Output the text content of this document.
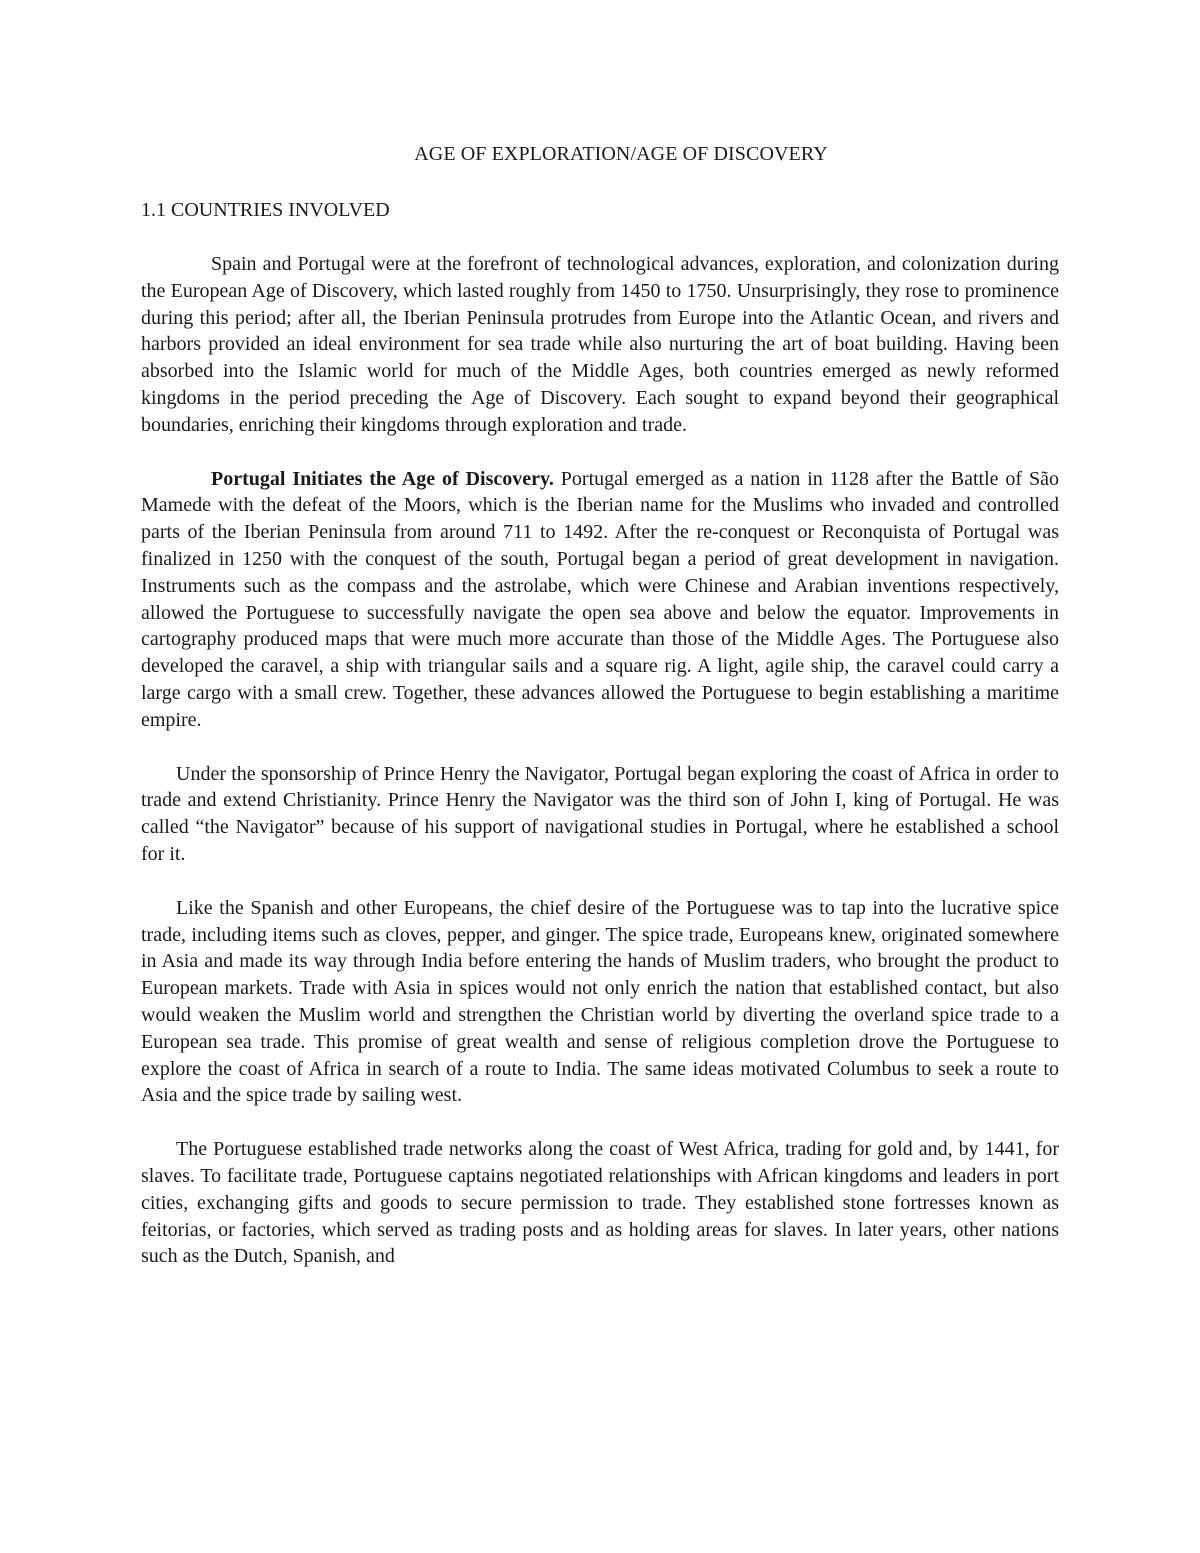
AGE OF EXPLORATION/AGE OF DISCOVERY
1.1 COUNTRIES INVOLVED

Spain and Portugal were at the forefront of technological advances, exploration, and colonization during the European Age of Discovery, which lasted roughly from 1450 to 1750. Unsurprisingly, they rose to prominence during this period; after all, the Iberian Peninsula protrudes from Europe into the Atlantic Ocean, and rivers and harbors provided an ideal environment for sea trade while also nurturing the art of boat building. Having been absorbed into the Islamic world for much of the Middle Ages, both countries emerged as newly reformed kingdoms in the period preceding the Age of Discovery. Each sought to expand beyond their geographical boundaries, enriching their kingdoms through exploration and trade.

Portugal Initiates the Age of Discovery. Portugal emerged as a nation in 1128 after the Battle of São Mamede with the defeat of the Moors, which is the Iberian name for the Muslims who invaded and controlled parts of the Iberian Peninsula from around 711 to 1492. After the re-conquest or Reconquista of Portugal was finalized in 1250 with the conquest of the south, Portugal began a period of great development in navigation. Instruments such as the compass and the astrolabe, which were Chinese and Arabian inventions respectively, allowed the Portuguese to successfully navigate the open sea above and below the equator. Improvements in cartography produced maps that were much more accurate than those of the Middle Ages. The Portuguese also developed the caravel, a ship with triangular sails and a square rig. A light, agile ship, the caravel could carry a large cargo with a small crew. Together, these advances allowed the Portuguese to begin establishing a maritime empire.

Under the sponsorship of Prince Henry the Navigator, Portugal began exploring the coast of Africa in order to trade and extend Christianity. Prince Henry the Navigator was the third son of John I, king of Portugal. He was called “the Navigator” because of his support of navigational studies in Portugal, where he established a school for it.

Like the Spanish and other Europeans, the chief desire of the Portuguese was to tap into the lucrative spice trade, including items such as cloves, pepper, and ginger. The spice trade, Europeans knew, originated somewhere in Asia and made its way through India before entering the hands of Muslim traders, who brought the product to European markets. Trade with Asia in spices would not only enrich the nation that established contact, but also would weaken the Muslim world and strengthen the Christian world by diverting the overland spice trade to a European sea trade. This promise of great wealth and sense of religious completion drove the Portuguese to explore the coast of Africa in search of a route to India. The same ideas motivated Columbus to seek a route to Asia and the spice trade by sailing west.

The Portuguese established trade networks along the coast of West Africa, trading for gold and, by 1441, for slaves. To facilitate trade, Portuguese captains negotiated relationships with African kingdoms and leaders in port cities, exchanging gifts and goods to secure permission to trade. They established stone fortresses known as feitorias, or factories, which served as trading posts and as holding areas for slaves. In later years, other nations such as the Dutch, Spanish, and
